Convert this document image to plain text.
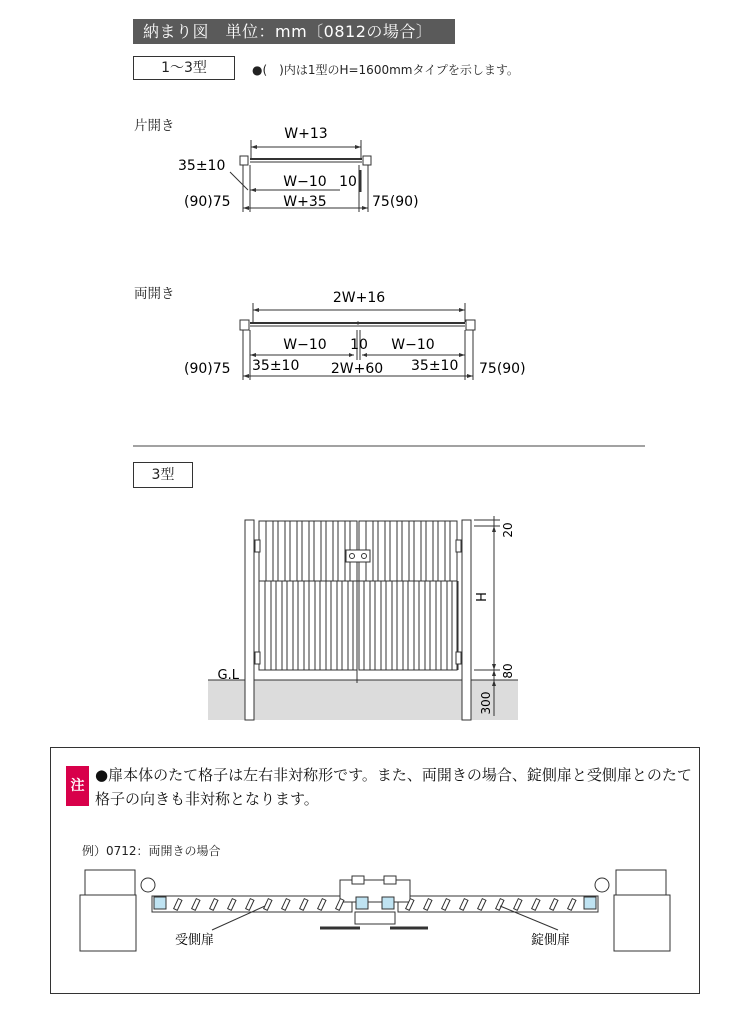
納まり図　単位：mm〔0812の場合〕
1〜3型	●(　)内は1型のH=1600mmタイプを示します。
片開き	W+13
35±10
W−10 10
(90)75	W+35	75(90)
2W+16
W−10 10 W−10
(90)75 35±10 2W+60 35±10 75(90)
両開き
3型
G.L
20
H
80
300
注
●扉本体のたて格子は左右非対称形です。また、両開きの場合、錠側扉と受側扉とのたて格子の向きも非対称となります。
例）0712：両開きの場合
受側扉	錠側扉
